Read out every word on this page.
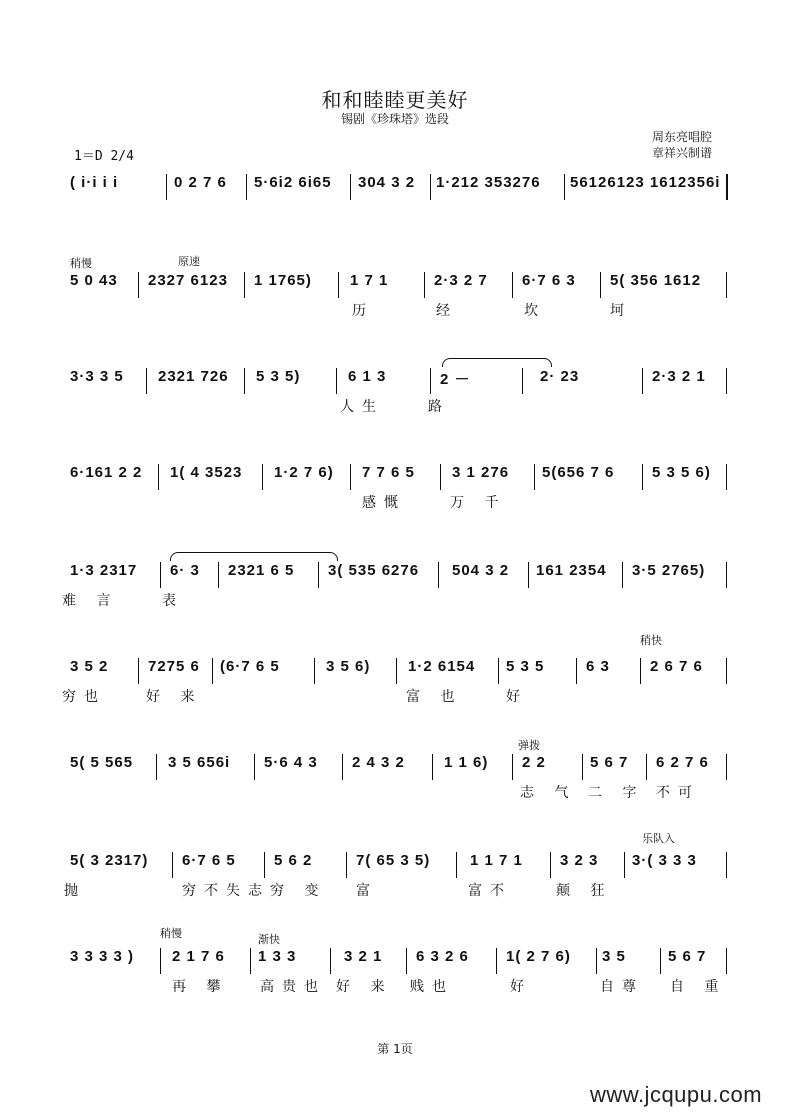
和和睦睦更美好
锡剧《珍珠塔》选段
周东亮唱腔
章祥兴制谱
1＝D 2/4
稍慢	原速
稍快
弹拨
乐队入
稍慢	渐快
( i·i i i	0 2 7 6	5·6i2 6i65	304 3 2	1·212 353276	56126123 1612356i
5 0 43	2327 6123	1 1765)	1 7 1	2·3 2 7	6·7 6 3	5( 356 1612
历	经	坎	坷
3·3 3 5	2321 726	5 3 5)	6 1 3	2 －	2· 23	2·3 2 1
人生	路
6·161 2 2	1( 4 3523	1·2 7 6)	7 7 6 5	3 1 276	5(656 7 6	5 3 5 6)
感慨	万 千
1·3 2317	6· 3	2321 6 5	3( 535 6276	504 3 2	161 2354	3·5 2765)
难 言	表
3 5 2	7275 6	(6·7 6 5	3 5 6)	1·2 6154	5 3 5	6 3	2 6 7 6
穷也	好 来	富 也	好
5( 5 565	3 5 656i	5·6 4 3	2 4 3 2	1 1 6)	2 2	5 6 7	6 2 7 6
志 气 二 字 不可
5( 3 2317)	6·7 6 5	5 6 2	7( 65 3 5)	1 1 7 1	3 2 3	3·( 3 3 3
抛	穷不失志 穷 变 富	富不	颠 狂
3 3 3 3 )	2 1 7 6	1 3 3	3 2 1	6 3 2 6	1( 2 7 6)	3 5	5 6 7
再 攀 高贵也 好 来 贱也	好	自尊 自 重
第 1页
www.jcqupu.com
